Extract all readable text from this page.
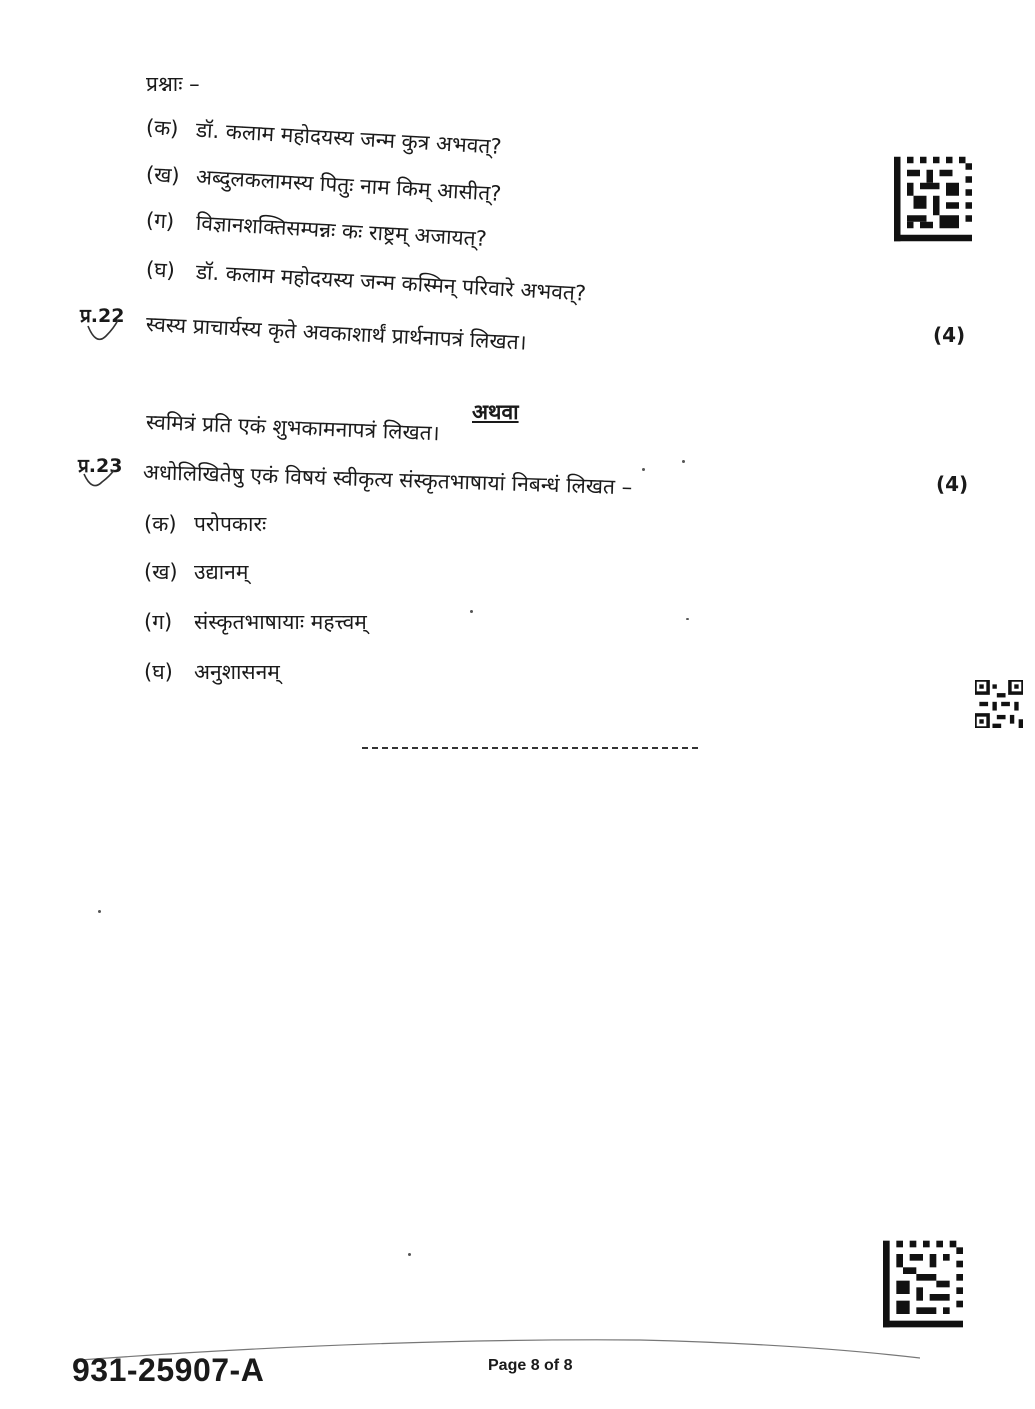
प्रश्नाः –
(क) डॉ. कलाम महोदयस्य जन्म कुत्र अभवत्?
(ख) अब्दुलकलामस्य पितुः नाम किम् आसीत्?
(ग) विज्ञानशक्तिसम्पन्नः कः राष्ट्रम् अजायत्?
(घ) डॉ. कलाम महोदयस्य जन्म कस्मिन् परिवारे अभवत्?
प्र.22 स्वस्य प्राचार्यस्य कृते अवकाशार्थं प्रार्थनापत्रं लिखत।	(4)
अथवा
स्वमित्रं प्रति एकं शुभकामनापत्रं लिखत।
प्र.23 अधोलिखितेषु एकं विषयं स्वीकृत्य संस्कृतभाषायां निबन्धं लिखत –	(4)
(क) परोपकारः
(ख) उद्यानम्
(ग) संस्कृतभाषायाः महत्त्वम्
(घ) अनुशासनम्
931-25907-A	Page 8 of 8
